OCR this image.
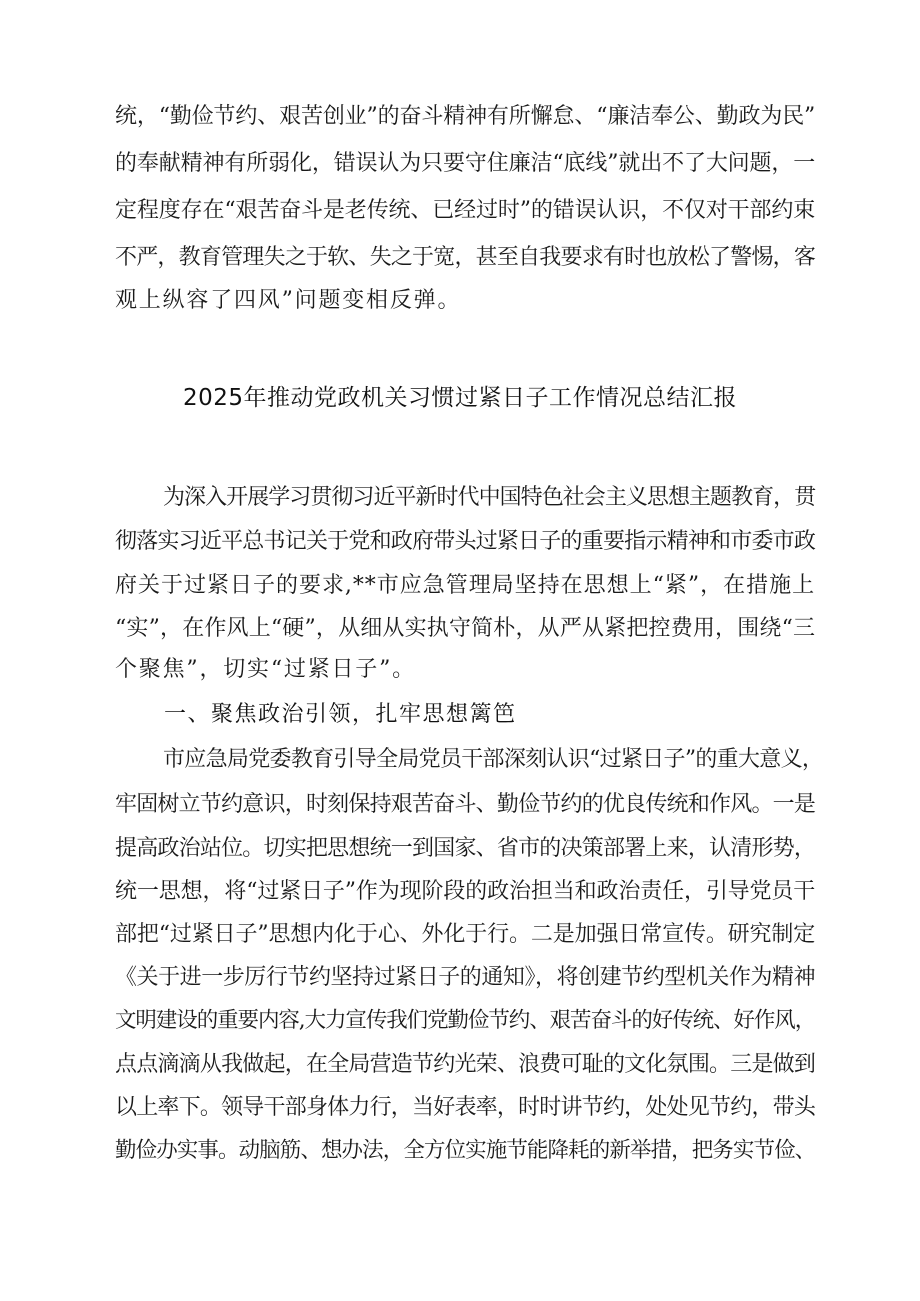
统，“勤俭节约、艰苦创业”的奋斗精神有所懈怠、“廉洁奉公、勤政为民”
的奉献精神有所弱化，错误认为只要守住廉洁“底线”就出不了大问题，一
定程度存在“艰苦奋斗是老传统、已经过时”的错误认识，不仅对干部约束
不严，教育管理失之于软、失之于宽，甚至自我要求有时也放松了警惕，客
观上纵容了四风”问题变相反弹。
2025年推动党政机关习惯过紧日子工作情况总结汇报
为深入开展学习贯彻习近平新时代中国特色社会主义思想主题教育，贯
彻落实习近平总书记关于党和政府带头过紧日子的重要指示精神和市委市政
府关于过紧日子的要求,**市应急管理局坚持在思想上“紧”，在措施上
“实”，在作风上“硬”，从细从实执守简朴，从严从紧把控费用，围绕“三
个聚焦”，切实“过紧日子”。
一、聚焦政治引领，扎牢思想篱笆
市应急局党委教育引导全局党员干部深刻认识“过紧日子”的重大意义，
牢固树立节约意识，时刻保持艰苦奋斗、勤俭节约的优良传统和作风。一是
提高政治站位。切实把思想统一到国家、省市的决策部署上来，认清形势，
统一思想，将“过紧日子”作为现阶段的政治担当和政治责任，引导党员干
部把“过紧日子”思想内化于心、外化于行。二是加强日常宣传。研究制定
《关于进一步厉行节约坚持过紧日子的通知》，将创建节约型机关作为精神
文明建设的重要内容,大力宣传我们党勤俭节约、艰苦奋斗的好传统、好作风，
点点滴滴从我做起，在全局营造节约光荣、浪费可耻的文化氛围。三是做到
以上率下。领导干部身体力行，当好表率，时时讲节约，处处见节约，带头
勤俭办实事。动脑筋、想办法，全方位实施节能降耗的新举措，把务实节俭、
